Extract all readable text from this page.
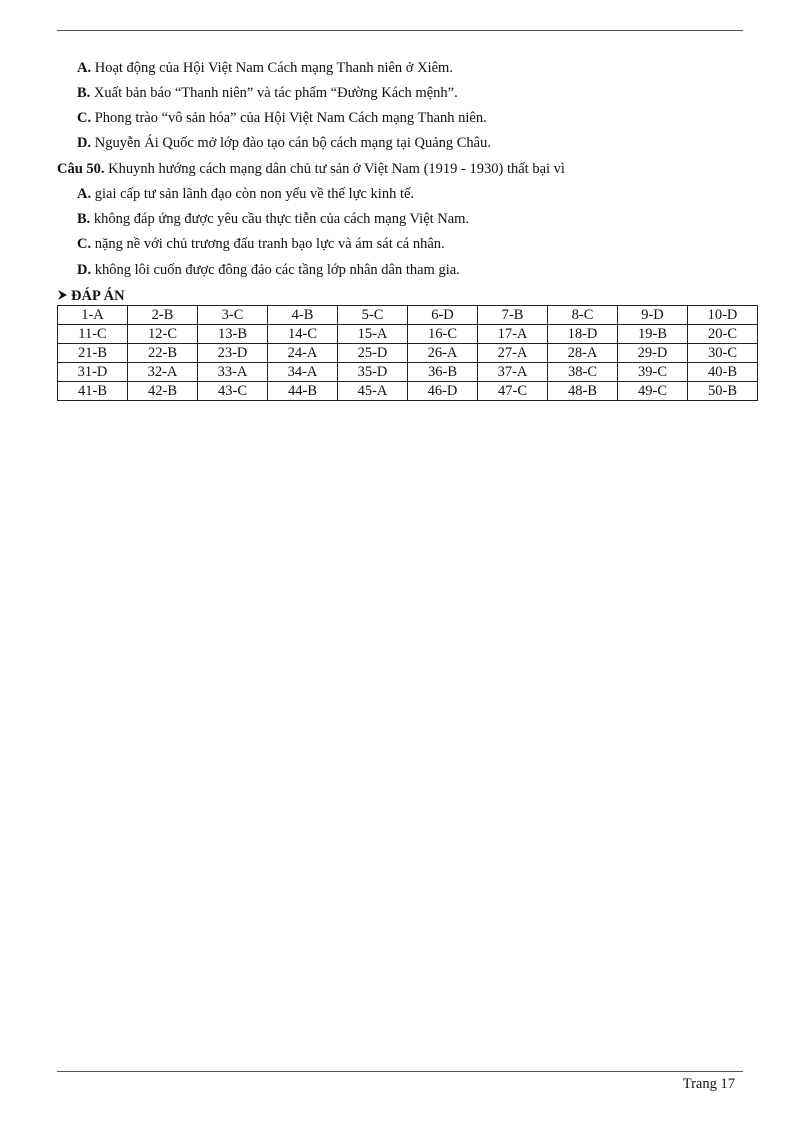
A. Hoạt động của Hội Việt Nam Cách mạng Thanh niên ở Xiêm.
B. Xuất bản báo “Thanh niên” và tác phẩm “Đường Kách mệnh”.
C. Phong trào “vô sản hóa” của Hội Việt Nam Cách mạng Thanh niên.
D. Nguyễn Ái Quốc mở lớp đào tạo cán bộ cách mạng tại Quảng Châu.
Câu 50. Khuynh hướng cách mạng dân chủ tư sản ở Việt Nam (1919 - 1930) thất bại vì
A. giai cấp tư sản lãnh đạo còn non yếu về thế lực kinh tế.
B. không đáp ứng được yêu cầu thực tiễn của cách mạng Việt Nam.
C. nặng nề với chủ trương đấu tranh bạo lực và ám sát cá nhân.
D. không lôi cuốn được đông đảo các tầng lớp nhân dân tham gia.
ĐÁP ÁN
1-A	2-B	3-C	4-B	5-C	6-D	7-B	8-C	9-D	10-D
11-C	12-C	13-B	14-C	15-A	16-C	17-A	18-D	19-B	20-C
21-B	22-B	23-D	24-A	25-D	26-A	27-A	28-A	29-D	30-C
31-D	32-A	33-A	34-A	35-D	36-B	37-A	38-C	39-C	40-B
41-B	42-B	43-C	44-B	45-A	46-D	47-C	48-B	49-C	50-B
Trang 17
